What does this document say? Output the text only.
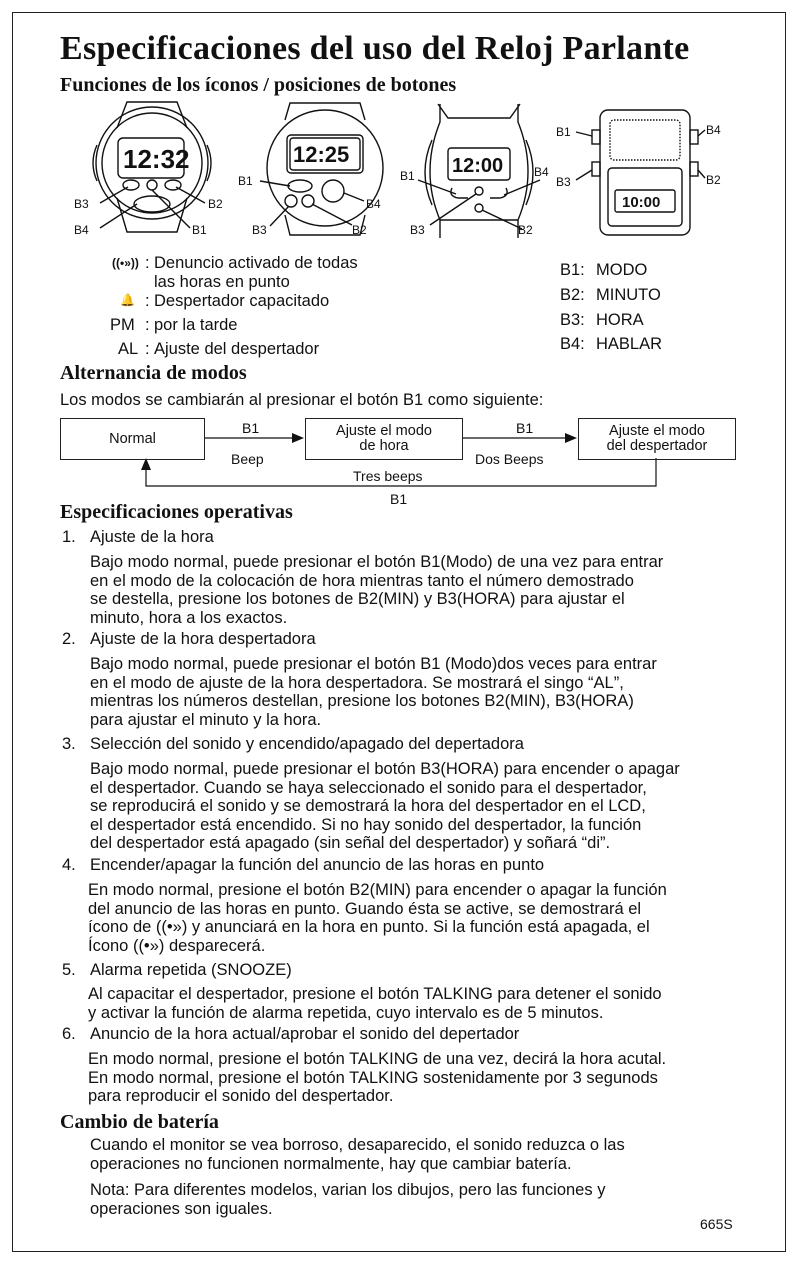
Especificaciones del uso del Reloj Parlante
Funciones de los íconos / posiciones de botones
12:32	12:25	12:00
10:00
B3
B4
B2
B1
B1
B3	B2
B4
B1	B4
B3	B2
B1	B4
B3	B2
((•»)) : Denuncio activado de todas
las horas en punto
🔔 : Despertador capacitado
PM : por la tarde
AL : Ajuste del despertador
B1: MODO
B2: MINUTO
B3: HORA
B4: HABLAR
Alternancia de modos
Los modos se cambiarán al presionar el botón B1 como siguiente:
Normal	Ajuste el modo
de hora
Ajuste el modo
del despertador
B1
Beep
B1
Dos Beeps
Tres beeps
B1
Especificaciones operativas
1. Ajuste de la hora

Bajo modo normal, puede presionar el botón B1(Modo) de una vez para entrar

en el modo de la colocación de hora mientras tanto el número demostrado

se destella, presione los botones de B2(MIN) y B3(HORA) para ajustar el

minuto, hora a los exactos.

2. Ajuste de la hora despertadora

Bajo modo normal, puede presionar el botón B1 (Modo)dos veces para entrar

en el modo de ajuste de la hora despertadora. Se mostrará el singo “AL”,

mientras los números destellan, presione los botones B2(MIN), B3(HORA)

para ajustar el minuto y la hora.

3. Selección del sonido y encendido/apagado del depertadora

Bajo modo normal, puede presionar el botón B3(HORA) para encender o apagar

el despertador. Cuando se haya seleccionado el sonido para el despertador,

se reproducirá el sonido y se demostrará la hora del despertador en el LCD,

el despertador está encendido. Si no hay sonido del despertador, la función

del despertador está apagado (sin señal del despertador) y soñará “di”.

4. Encender/apagar la función del anuncio de las horas en punto

En modo normal, presione el botón B2(MIN) para encender o apagar la función

del anuncio de las horas en punto. Guando ésta se active, se demostrará el

ícono de ((•») y anunciará en la hora en punto. Si la función está apagada, el

Ícono ((•») desparecerá.

5. Alarma repetida (SNOOZE)

Al capacitar el despertador, presione el botón TALKING para detener el sonido

y activar la función de alarma repetida, cuyo intervalo es de 5 minutos.

6. Anuncio de la hora actual/aprobar el sonido del depertador

En modo normal, presione el botón TALKING de una vez, decirá la hora acutal.

En modo normal, presione el botón TALKING sostenidamente por 3 segunods

para reproducir el sonido del despertador.

Cambio de batería

Cuando el monitor se vea borroso, desaparecido, el sonido reduzca o las

operaciones no funcionen normalmente, hay que cambiar batería.

Nota: Para diferentes modelos, varian los dibujos, pero las funciones y

operaciones son iguales.

665S
